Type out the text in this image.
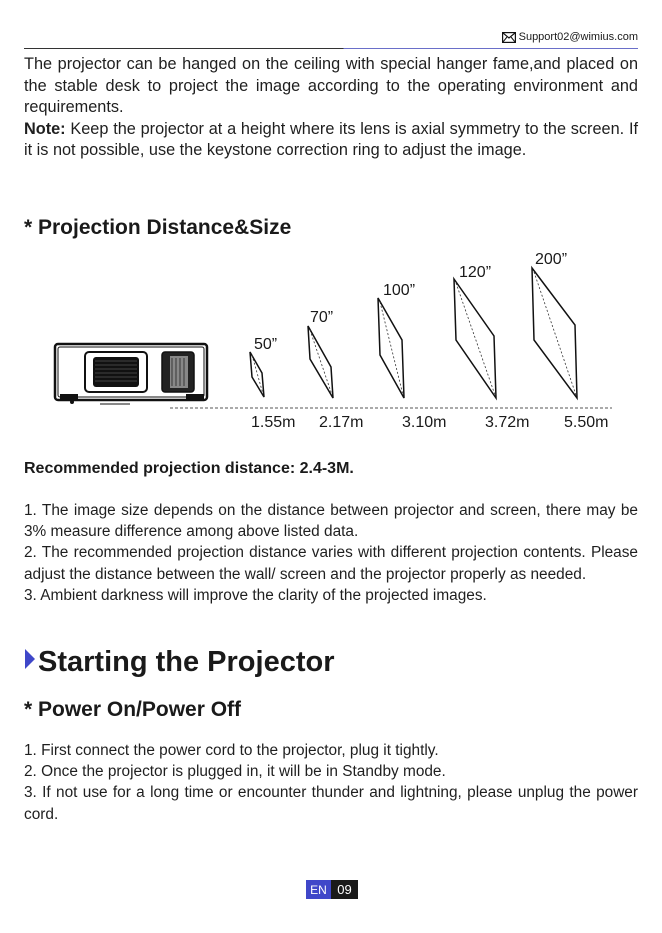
Support02@wimius.com

The projector can be hanged on the ceiling with special hanger fame,and placed on the stable desk to project the image according to the operating environment and requirements.

Note: Keep the projector at a height where its lens is axial symmetry to the screen. If it is not possible, use the keystone correction ring to adjust the image.

* Projection Distance&Size
50”
70”
100”
120”
200”
1.55m 2.17m 3.10m 3.72m 5.50m
Recommended projection distance: 2.4-3M.

1. The image size depends on the distance between projector and screen, there may be 3% measure difference among above listed data.

2. The recommended projection distance varies with different projection contents. Please adjust the distance between the wall/ screen and the projector properly as needed.

3. Ambient darkness will improve the clarity of the projected images.

Starting the Projector
* Power On/Power Off

1. First connect the power cord to the projector, plug it tightly.

2. Once the projector is plugged in, it will be in Standby mode.

3. If not use for a long time or encounter thunder and lightning, please unplug the power cord.

EN 09
